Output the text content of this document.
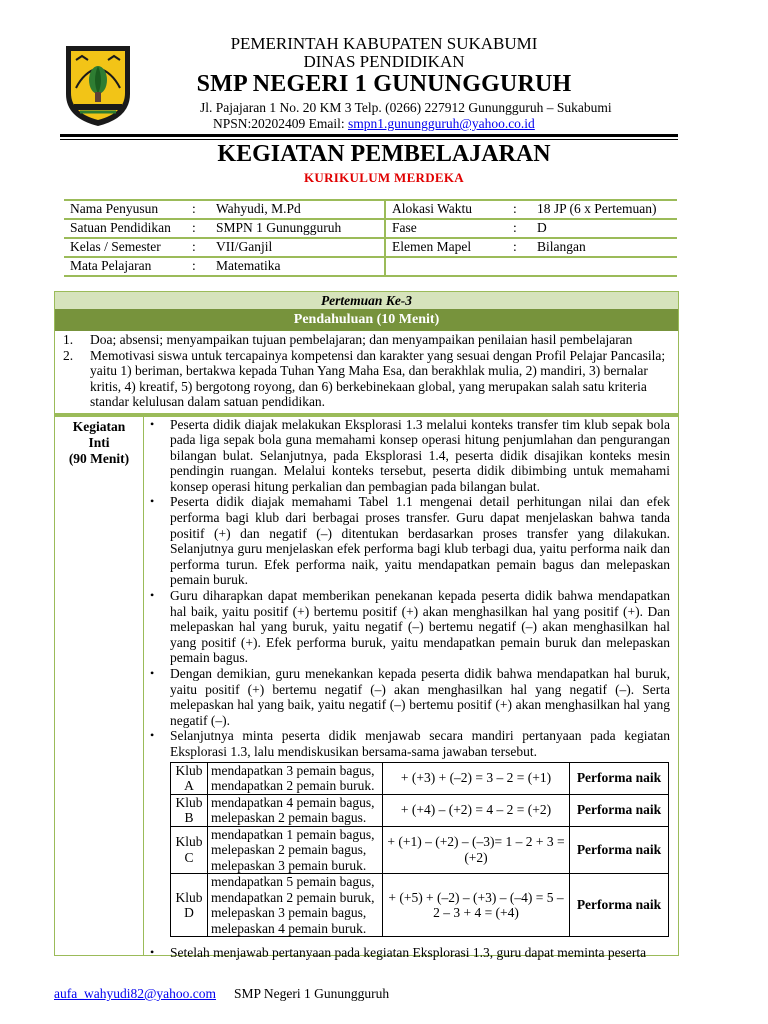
PEMERINTAH KABUPATEN SUKABUMI
DINAS PENDIDIKAN
SMP NEGERI 1 GUNUNGGURUH
Jl. Pajajaran 1 No. 20 KM 3 Telp. (0266) 227912 Gunungguruh – Sukabumi
NPSN:20202409 Email: smpn1.gunungguruh@yahoo.co.id
KEGIATAN PEMBELAJARAN
KURIKULUM MERDEKA
Nama Penyusun	:	Wahyudi, M.Pd	Alokasi Waktu	:	18 JP (6 x Pertemuan)
Satuan Pendidikan	:	SMPN 1 Gunungguruh	Fase	:	D
Kelas / Semester	:	VII/Ganjil	Elemen Mapel	:	Bilangan
Mata Pelajaran	:	Matematika			
Pertemuan Ke-3
Pendahuluan (10 Menit)
1. Doa; absensi; menyampaikan tujuan pembelajaran; dan menyampaikan penilaian hasil pembelajaran
2. Memotivasi siswa untuk tercapainya kompetensi dan karakter yang sesuai dengan Profil Pelajar Pancasila; yaitu 1) beriman, bertakwa kepada Tuhan Yang Maha Esa, dan berakhlak mulia, 2) mandiri, 3) bernalar kritis, 4) kreatif, 5) bergotong royong, dan 6) berkebinekaan global, yang merupakan salah satu kriteria standar kelulusan dalam satuan pendidikan.
Kegiatan
Inti
(90 Menit)
• Peserta didik diajak melakukan Eksplorasi 1.3 melalui konteks transfer tim klub sepak bola pada liga sepak bola guna memahami konsep operasi hitung penjumlahan dan pengurangan bilangan bulat. Selanjutnya, pada Eksplorasi 1.4, peserta didik disajikan konteks mesin pendingin ruangan. Melalui konteks tersebut, peserta didik dibimbing untuk memahami konsep operasi hitung perkalian dan pembagian pada bilangan bulat.
• Peserta didik diajak memahami Tabel 1.1 mengenai detail perhitungan nilai dan efek performa bagi klub dari berbagai proses transfer. Guru dapat menjelaskan bahwa tanda positif (+) dan negatif (–) ditentukan berdasarkan proses transfer yang dilakukan. Selanjutnya guru menjelaskan efek performa bagi klub terbagi dua, yaitu performa naik dan performa turun. Efek performa naik, yaitu mendapatkan pemain bagus dan melepaskan pemain buruk.
• Guru diharapkan dapat memberikan penekanan kepada peserta didik bahwa mendapatkan hal baik, yaitu positif (+) bertemu positif (+) akan menghasilkan hal yang positif (+). Dan melepaskan hal yang buruk, yaitu negatif (–) bertemu negatif (–) akan menghasilkan hal yang positif (+). Efek performa buruk, yaitu mendapatkan pemain buruk dan melepaskan pemain bagus.
• Dengan demikian, guru menekankan kepada peserta didik bahwa mendapatkan hal buruk, yaitu positif (+) bertemu negatif (–) akan menghasilkan hal yang negatif (–). Serta melepaskan hal yang baik, yaitu negatif (–) bertemu positif (+) akan menghasilkan hal yang negatif (–).
• Selanjutnya minta peserta didik menjawab secara mandiri pertanyaan pada kegiatan Eksplorasi 1.3, lalu mendiskusikan bersama-sama jawaban tersebut.
Klub A	mendapatkan 3 pemain bagus,
mendapatkan 2 pemain buruk.	+ (+3) + (–2) = 3 – 2 = (+1)	Performa naik
Klub B	mendapatkan 4 pemain bagus,
melepaskan 2 pemain bagus.	+ (+4) – (+2) = 4 – 2 = (+2)	Performa naik
Klub C	mendapatkan 1 pemain bagus,
melepaskan 2 pemain bagus,
melepaskan 3 pemain buruk.	+ (+1) – (+2) – (–3)= 1 – 2 + 3 = (+2)	Performa naik
Klub D	mendapatkan 5 pemain bagus,
mendapatkan 2 pemain buruk,
melepaskan 3 pemain bagus,
melepaskan 4 pemain buruk.	+ (+5) + (–2) – (+3) – (–4) = 5 – 2 – 3 + 4 = (+4)	Performa naik
• Setelah menjawab pertanyaan pada kegiatan Eksplorasi 1.3, guru dapat meminta peserta
aufa_wahyudi82@yahoo.com SMP Negeri 1 Gunungguruh
